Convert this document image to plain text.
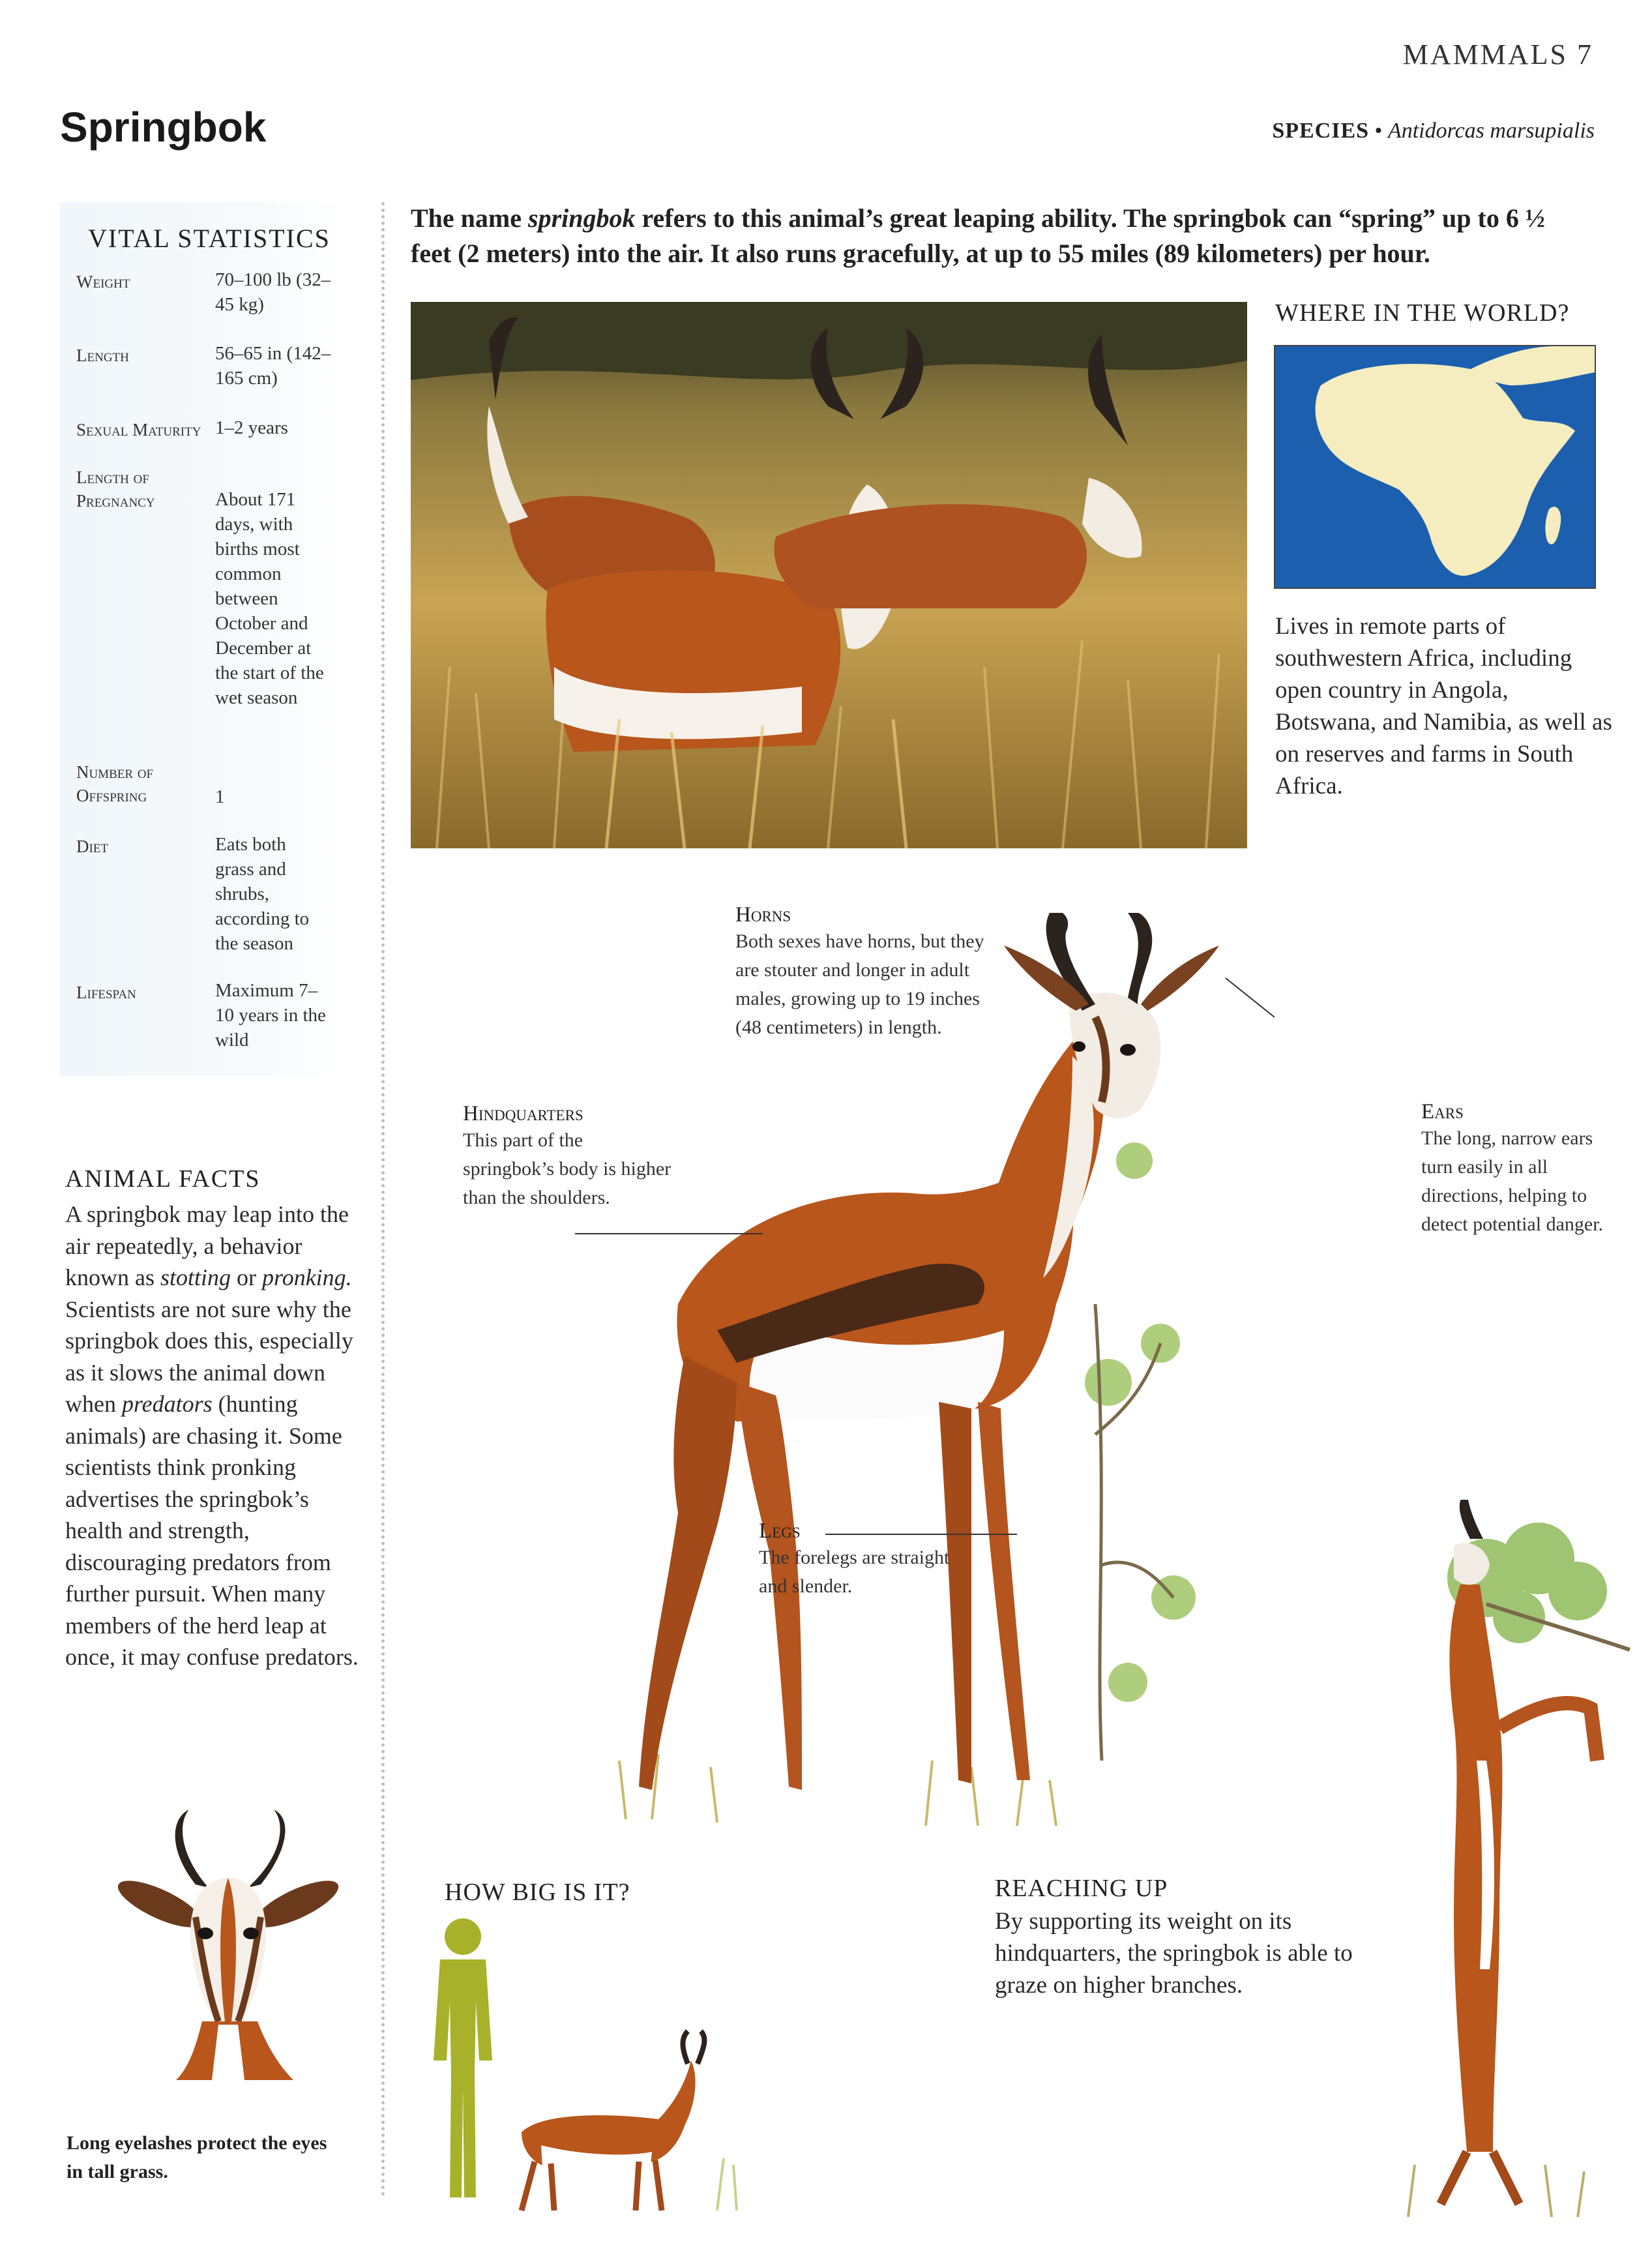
MAMMALS 7
Springbok	SPECIES • Antidorcas marsupialis
VITAL STATISTICS
Weight	70–100 lb (32–45 kg)
Length	56–65 in (142–165 cm)
Sexual Maturity 1–2 years
Length of Pregnancy	About 171 days, with births most common between October and December at the start of the wet season
Number of Offspring	1
Diet	Eats both grass and shrubs, according to the season
Lifespan	Maximum 7–10 years in the wild
ANIMAL FACTS
A springbok may leap into the air repeatedly, a behavior known as stotting or pronking. Scientists are not sure why the springbok does this, especially as it slows the animal down when predators (hunting animals) are chasing it. Some scientists think pronking advertises the springbok’s health and strength, discouraging predators from further pursuit. When many members of the herd leap at once, it may confuse predators.
Long eyelashes protect the eyes in tall grass.
The name springbok refers to this animal’s great leaping ability. The springbok can “spring” up to 6 ½ feet (2 meters) into the air. It also runs gracefully, at up to 55 miles (89 kilometers) per hour.
WHERE IN THE WORLD?
Lives in remote parts of southwestern Africa, including open country in Angola, Botswana, and Namibia, as well as on reserves and farms in South Africa.
Horns
Both sexes have horns, but they are stouter and longer in adult males, growing up to 19 inches (48 centimeters) in length.
Ears
The long, narrow ears turn easily in all directions, helping to detect potential danger.
Hindquarters
This part of the springbok’s body is higher than the shoulders.
Legs
The forelegs are straight and slender.
HOW BIG IS IT?	REACHING UP
By supporting its weight on its hindquarters, the springbok is able to graze on higher branches.
